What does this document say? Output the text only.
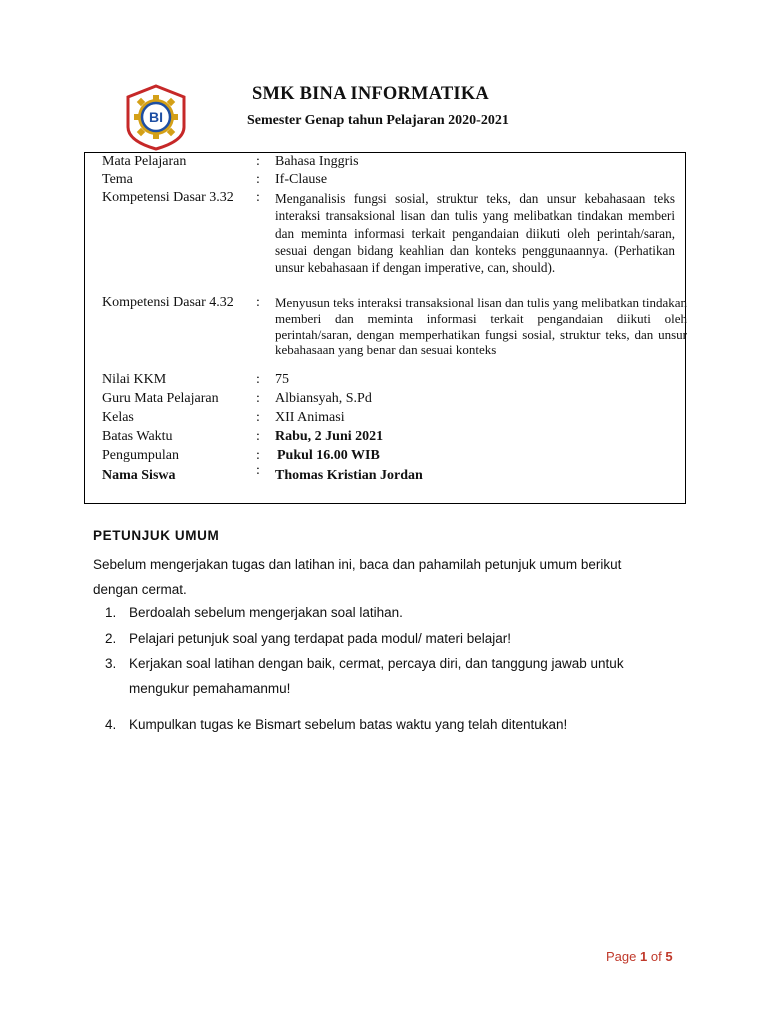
BI
SMK BINA INFORMATIKA
Semester Genap tahun Pelajaran 2020-2021
Mata Pelajaran	: Bahasa Inggris
Tema	: If-Clause
Kompetensi Dasar 3.32 : Menganalisis fungsi sosial, struktur teks, dan unsur kebahasaan teks interaksi transaksional lisan dan tulis yang melibatkan tindakan memberi dan meminta informasi terkait pengandaian diikuti oleh perintah/saran, sesuai dengan bidang keahlian dan konteks penggunaannya. (Perhatikan unsur kebahasaan if dengan imperative, can, should).
Kompetensi Dasar 4.32 : Menyusun teks interaksi transaksional lisan dan tulis yang melibatkan tindakan memberi dan meminta informasi terkait pengandaian diikuti oleh perintah/saran, dengan memperhatikan fungsi sosial, struktur teks, dan unsur kebahasaan yang benar dan sesuai konteks
Nilai KKM	: 75
Guru Mata Pelajaran	: Albiansyah, S.Pd
Kelas	: XII Animasi
Batas Waktu	: Rabu, 2 Juni 2021
Pengumpulan	: Pukul 16.00 WIB
Nama Siswa	: Thomas Kristian Jordan
PETUNJUK UMUM
Sebelum mengerjakan tugas dan latihan ini, baca dan pahamilah petunjuk umum berikut dengan cermat.
1. Berdoalah sebelum mengerjakan soal latihan.
2. Pelajari petunjuk soal yang terdapat pada modul/ materi belajar!
3. Kerjakan soal latihan dengan baik, cermat, percaya diri, dan tanggung jawab untuk mengukur pemahamanmu!
4. Kumpulkan tugas ke Bismart sebelum batas waktu yang telah ditentukan!
Page 1 of 5
